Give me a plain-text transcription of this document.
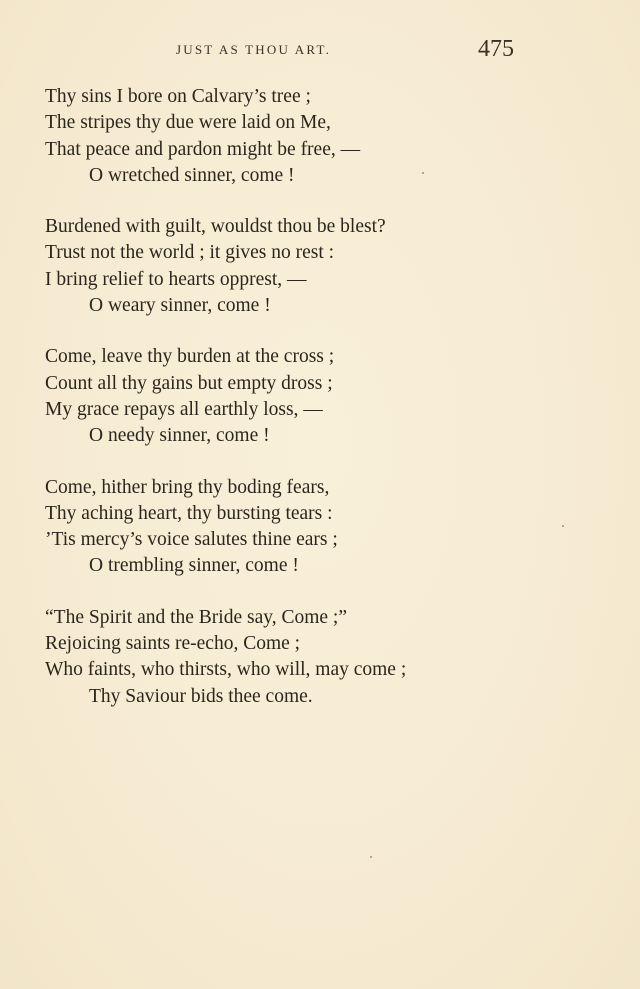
JUST AS THOU ART.	475
Thy sins I bore on Calvary’s tree ;
The stripes thy due were laid on Me,
That peace and pardon might be free, —
O wretched sinner, come !
Burdened with guilt, wouldst thou be blest?
Trust not the world ; it gives no rest :
I bring relief to hearts opprest, —
O weary sinner, come !
Come, leave thy burden at the cross ;
Count all thy gains but empty dross ;
My grace repays all earthly loss, —
O needy sinner, come !
Come, hither bring thy boding fears,
Thy aching heart, thy bursting tears :
’Tis mercy’s voice salutes thine ears ;
O trembling sinner, come !
“The Spirit and the Bride say, Come ;”
Rejoicing saints re-echo, Come ;
Who faints, who thirsts, who will, may come ;
Thy Saviour bids thee come.
